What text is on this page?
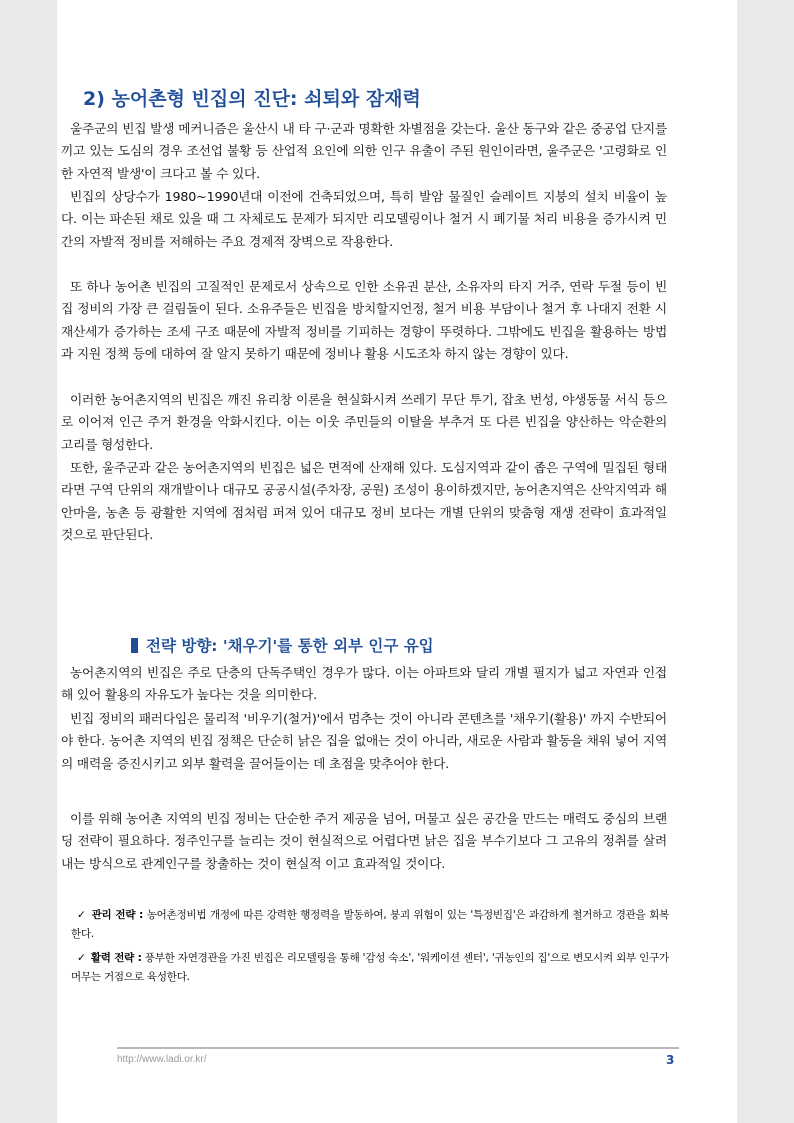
2) 농어촌형 빈집의 진단: 쇠퇴와 잠재력

울주군의 빈집 발생 메커니즘은 울산시 내 타 구·군과 명확한 차별점을 갖는다. 울산 동구와 같은 중공업 단지를 끼고 있는 도심의 경우 조선업 불황 등 산업적 요인에 의한 인구 유출이 주된 원인이라면, 울주군은 '고령화로 인한 자연적 발생'이 크다고 볼 수 있다.

빈집의 상당수가 1980~1990년대 이전에 건축되었으며, 특히 발암 물질인 슬레이트 지붕의 설치 비율이 높다. 이는 파손된 채로 있을 때 그 자체로도 문제가 되지만 리모델링이나 철거 시 폐기물 처리 비용을 증가시켜 민간의 자발적 정비를 저해하는 주요 경제적 장벽으로 작용한다.

또 하나 농어촌 빈집의 고질적인 문제로서 상속으로 인한 소유권 분산, 소유자의 타지 거주, 연락 두절 등이 빈집 정비의 가장 큰 걸림돌이 된다. 소유주들은 빈집을 방치할지언정, 철거 비용 부담이나 철거 후 나대지 전환 시 재산세가 증가하는 조세 구조 때문에 자발적 정비를 기피하는 경향이 뚜렷하다. 그밖에도 빈집을 활용하는 방법과 지원 정책 등에 대하여 잘 알지 못하기 때문에 정비나 활용 시도조차 하지 않는 경향이 있다.

이러한 농어촌지역의 빈집은 깨진 유리창 이론을 현실화시켜 쓰레기 무단 투기, 잡초 번성, 야생동물 서식 등으로 이어져 인근 주거 환경을 악화시킨다. 이는 이웃 주민들의 이탈을 부추겨 또 다른 빈집을 양산하는 악순환의 고리를 형성한다.

또한, 울주군과 같은 농어촌지역의 빈집은 넓은 면적에 산재해 있다. 도심지역과 같이 좁은 구역에 밀집된 형태라면 구역 단위의 재개발이나 대규모 공공시설(주차장, 공원) 조성이 용이하겠지만, 농어촌지역은 산악지역과 해안마을, 농촌 등 광활한 지역에 점처럼 퍼져 있어 대규모 정비 보다는 개별 단위의 맞춤형 재생 전략이 효과적일 것으로 판단된다.

농어촌지역의 빈집은 주로 단층의 단독주택인 경우가 많다. 이는 아파트와 달리 개별 필지가 넓고 자연과 인접해 있어 활용의 자유도가 높다는 것을 의미한다.

빈집 정비의 패러다임은 물리적 '비우기(철거)'에서 멈추는 것이 아니라 콘텐츠를 '채우기(활용)' 까지 수반되어야 한다. 농어촌 지역의 빈집 정책은 단순히 낡은 집을 없애는 것이 아니라, 새로운 사람과 활동을 채워 넣어 지역의 매력을 증진시키고 외부 활력을 끌어들이는 데 초점을 맞추어야 한다.

이를 위해 농어촌 지역의 빈집 정비는 단순한 주거 제공을 넘어, 머물고 싶은 공간을 만드는 매력도 중심의 브랜딩 전략이 필요하다. 정주인구를 늘리는 것이 현실적으로 어렵다면 낡은 집을 부수기보다 그 고유의 정취를 살려내는 방식으로 관계인구를 창출하는 것이 현실적 이고 효과적일 것이다.

전략 방향: '채우기'를 통한 외부 인구 유입

✓ 관리 전략 : 농어촌정비법 개정에 따른 강력한 행정력을 발동하여, 붕괴 위험이 있는 '특정빈집'은 과감하게 철거하고 경관을 회복한다.

✓ 활력 전략 : 풍부한 자연경관을 가진 빈집은 리모델링을 통해 '감성 숙소', '워케이션 센터', '귀농인의 집'으로 변모시켜 외부 인구가 머무는 거점으로 육성한다.

http://www.ladi.or.kr/	3
